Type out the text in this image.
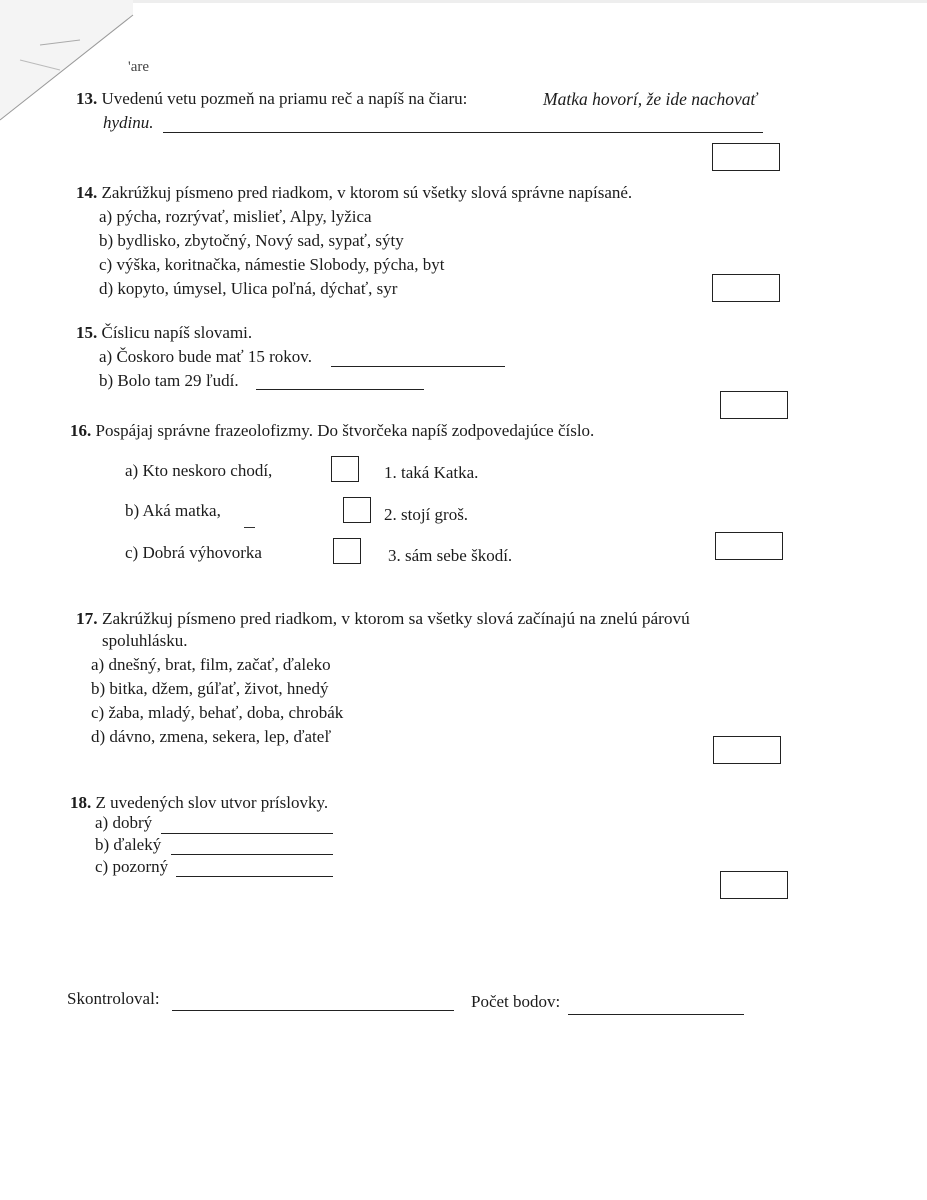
'are
13. Uvedenú vetu pozmeň na priamu reč a napíš na čiaru:	Matka hovorí, že ide nachovať
hydinu.
14. Zakrúžkuj písmeno pred riadkom, v ktorom sú všetky slová správne napísané.
a) pýcha, rozrývať, mislieť, Alpy, lyžica
b) bydlisko, zbytočný, Nový sad, sypať, sýty
c) výška, koritnačka, námestie Slobody, pýcha, byt
d) kopyto, úmysel, Ulica poľná, dýchať, syr
15. Číslicu napíš slovami.
a) Čoskoro bude mať 15 rokov.
b) Bolo tam 29 ľudí.
16. Pospájaj správne frazeolofizmy. Do štvorčeka napíš zodpovedajúce číslo.
a) Kto neskoro chodí,	1. taká Katka.
b) Aká matka,	2. stojí groš.
c) Dobrá výhovorka	3. sám sebe škodí.
17. Zakrúžkuj písmeno pred riadkom, v ktorom sa všetky slová začínajú na znelú párovú
spoluhlásku.
a) dnešný, brat, film, začať, ďaleko
b) bitka, džem, gúľať, život, hnedý
c) žaba, mladý, behať, doba, chrobák
d) dávno, zmena, sekera, lep, ďateľ
18. Z uvedených slov utvor príslovky.
a) dobrý
b) ďaleký
c) pozorný
Skontroloval:	Počet bodov:
